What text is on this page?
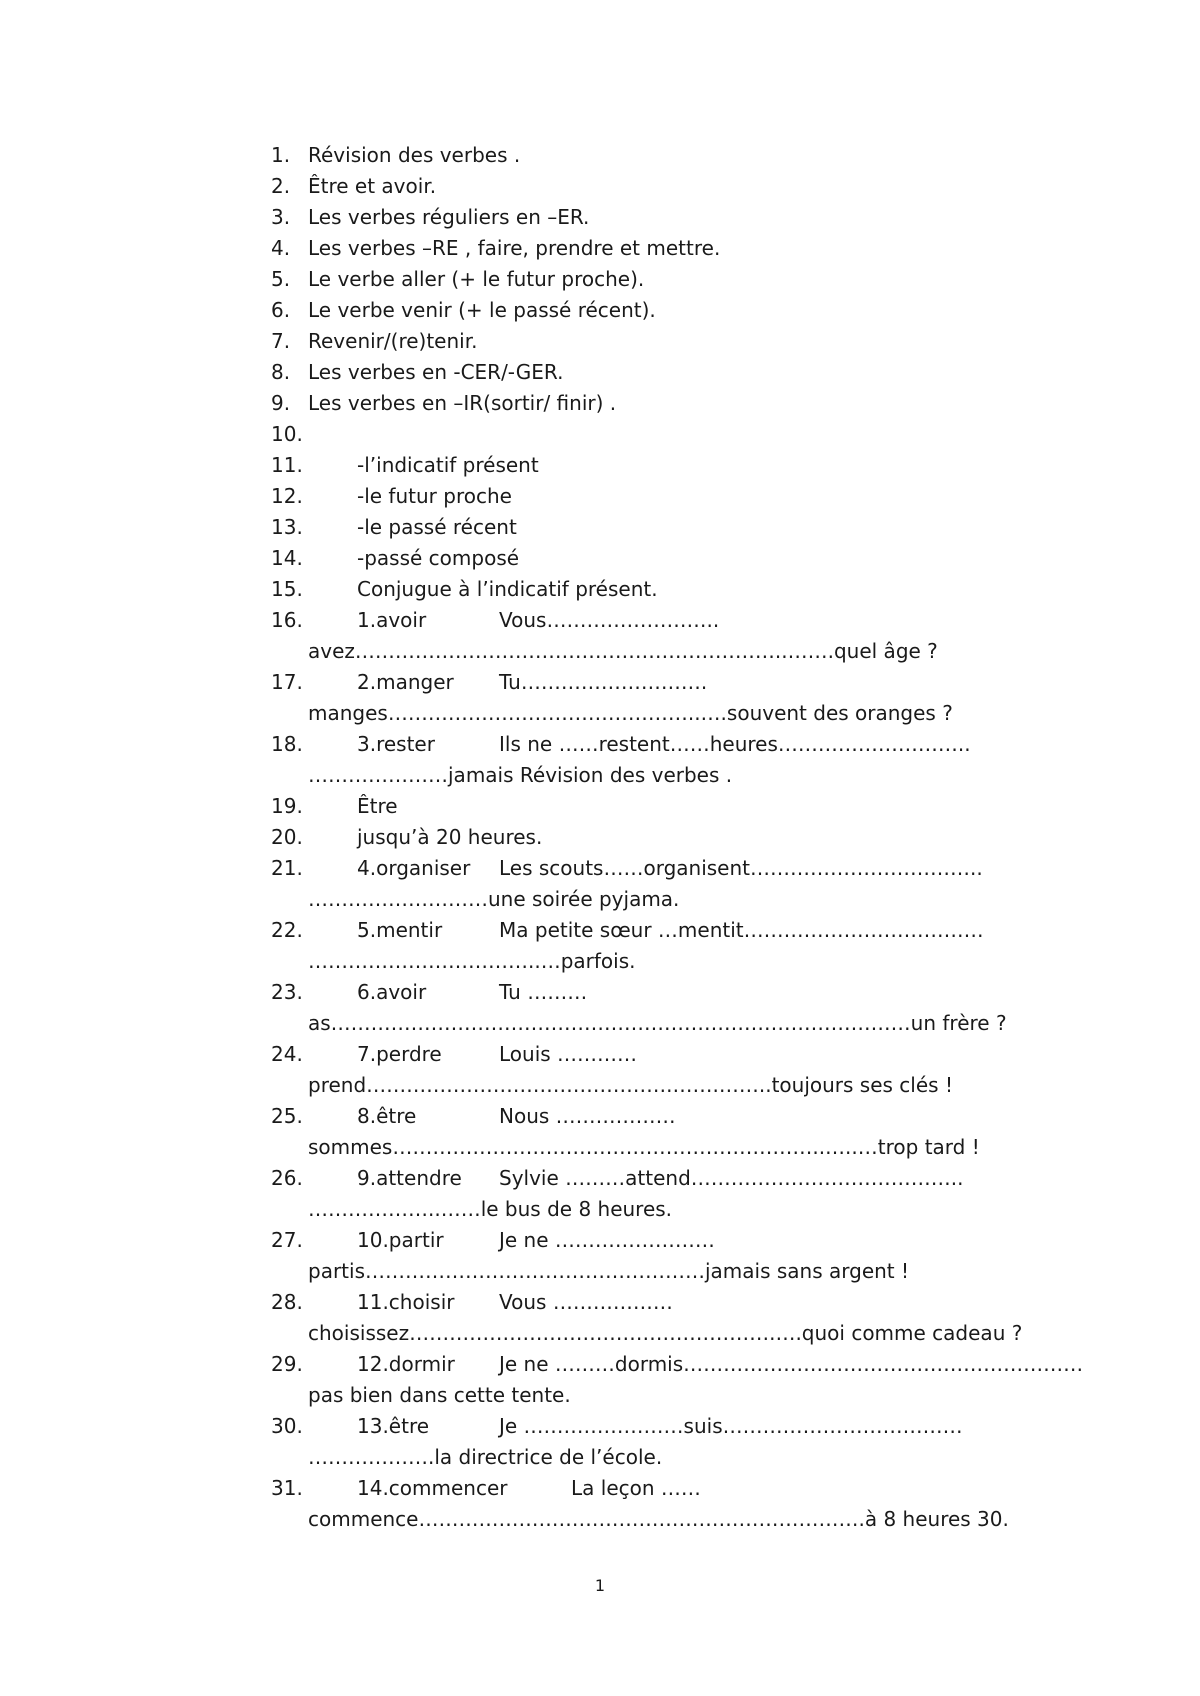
1. Révision des verbes .
2. Être et avoir.
3. Les verbes réguliers en –ER.
4. Les verbes –RE , faire, prendre et mettre.
5. Le verbe aller (+ le futur proche).
6. Le verbe venir (+ le passé récent).
7. Revenir/(re)tenir.
8. Les verbes en -CER/-GER.
9. Les verbes en –IR(sortir/ finir) .
10.
11.	-l’indicatif présent
12.	-le futur proche
13.	-le passé récent
14.	-passé composé
15.	Conjugue à l’indicatif présent.
16.	1.avoir	Vous……………………..
avez………………………………………………………..…….quel âge ?
17.	2.manger Tu……………………….
manges………………………………………..….souvent des oranges ?
18.	3.rester	Ils ne ……restent……heures………………………..
…………………jamais Révision des verbes .
19.	Être
20.	jusqu’à 20 heures.
21.	4.organiser Les scouts……organisent……………………………..
………………………une soirée pyjama.
22.	5.mentir	Ma petite sœur …mentit………………………………
……………………………..…parfois.
23.	6.avoir	Tu ………
as……………………………………………………………………………un frère ?
24.	7.perdre	Louis …………
prend……………………………………….…….……..toujours ses clés !
25.	8.être	Nous ………………
sommes………………………………………………………..…..…trop tard !
26.	9.attendre Sylvie ………attend…………………………………..
………………..……le bus de 8 heures.
27.	10.partir	Je ne ……………………
partis……………………………………………jamais sans argent !
28.	11.choisir Vous ………………
choisissez……………………………………………….….quoi comme cadeau ?
29.	12.dormir Je ne ………dormis……………………………………………………
pas bien dans cette tente.
30.	13.être	Je ……………………suis………………………………
……………….la directrice de l’école.
31.	14.commencer	La leçon ……
commence………………………………………………………….à 8 heures 30.
1
